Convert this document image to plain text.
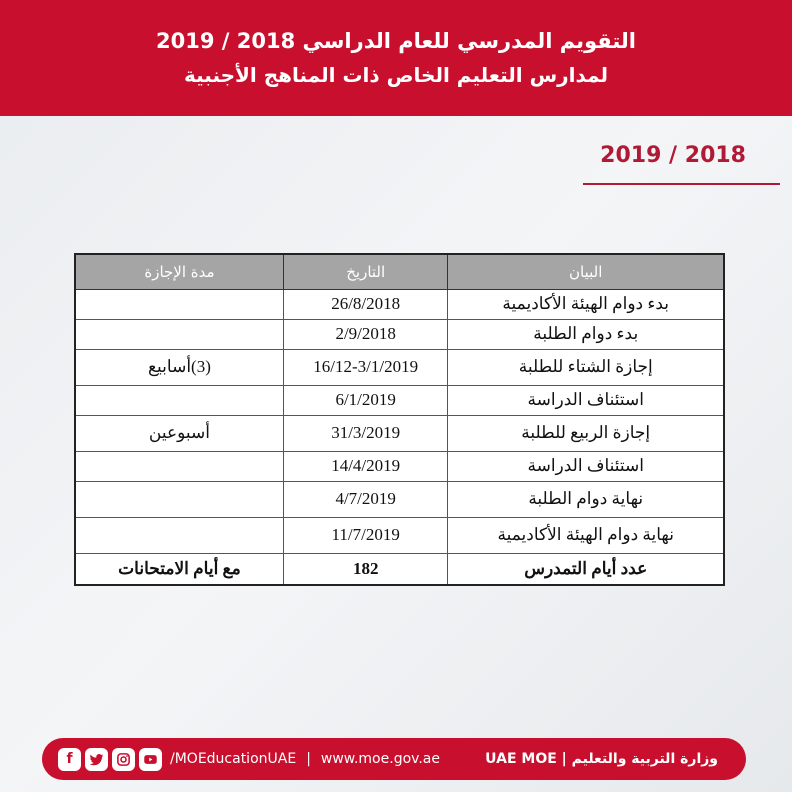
التقويم المدرسي للعام الدراسي 2018 / 2019
لمدارس التعليم الخاص ذات المناهج الأجنبية
2019 / 2018
البيان	التاريخ	مدة الإجازة
بدء دوام الهيئة الأكاديمية	26/8/2018	
بدء دوام الطلبة	2/9/2018	
إجازة الشتاء للطلبة	16/12-3/1/2019	(3)أسابيع
استئناف الدراسة	6/1/2019	
إجازة الربيع للطلبة	31/3/2019	أسبوعين
استئناف الدراسة	14/4/2019	
نهاية دوام الطلبة	4/7/2019	
نهاية دوام الهيئة الأكاديمية	11/7/2019	
عدد أيام التمدرس	182	مع أيام الامتحانات
f	/MOEducationUAE | www.moe.gov.ae	وزارة التربية والتعليم | UAE MOE
